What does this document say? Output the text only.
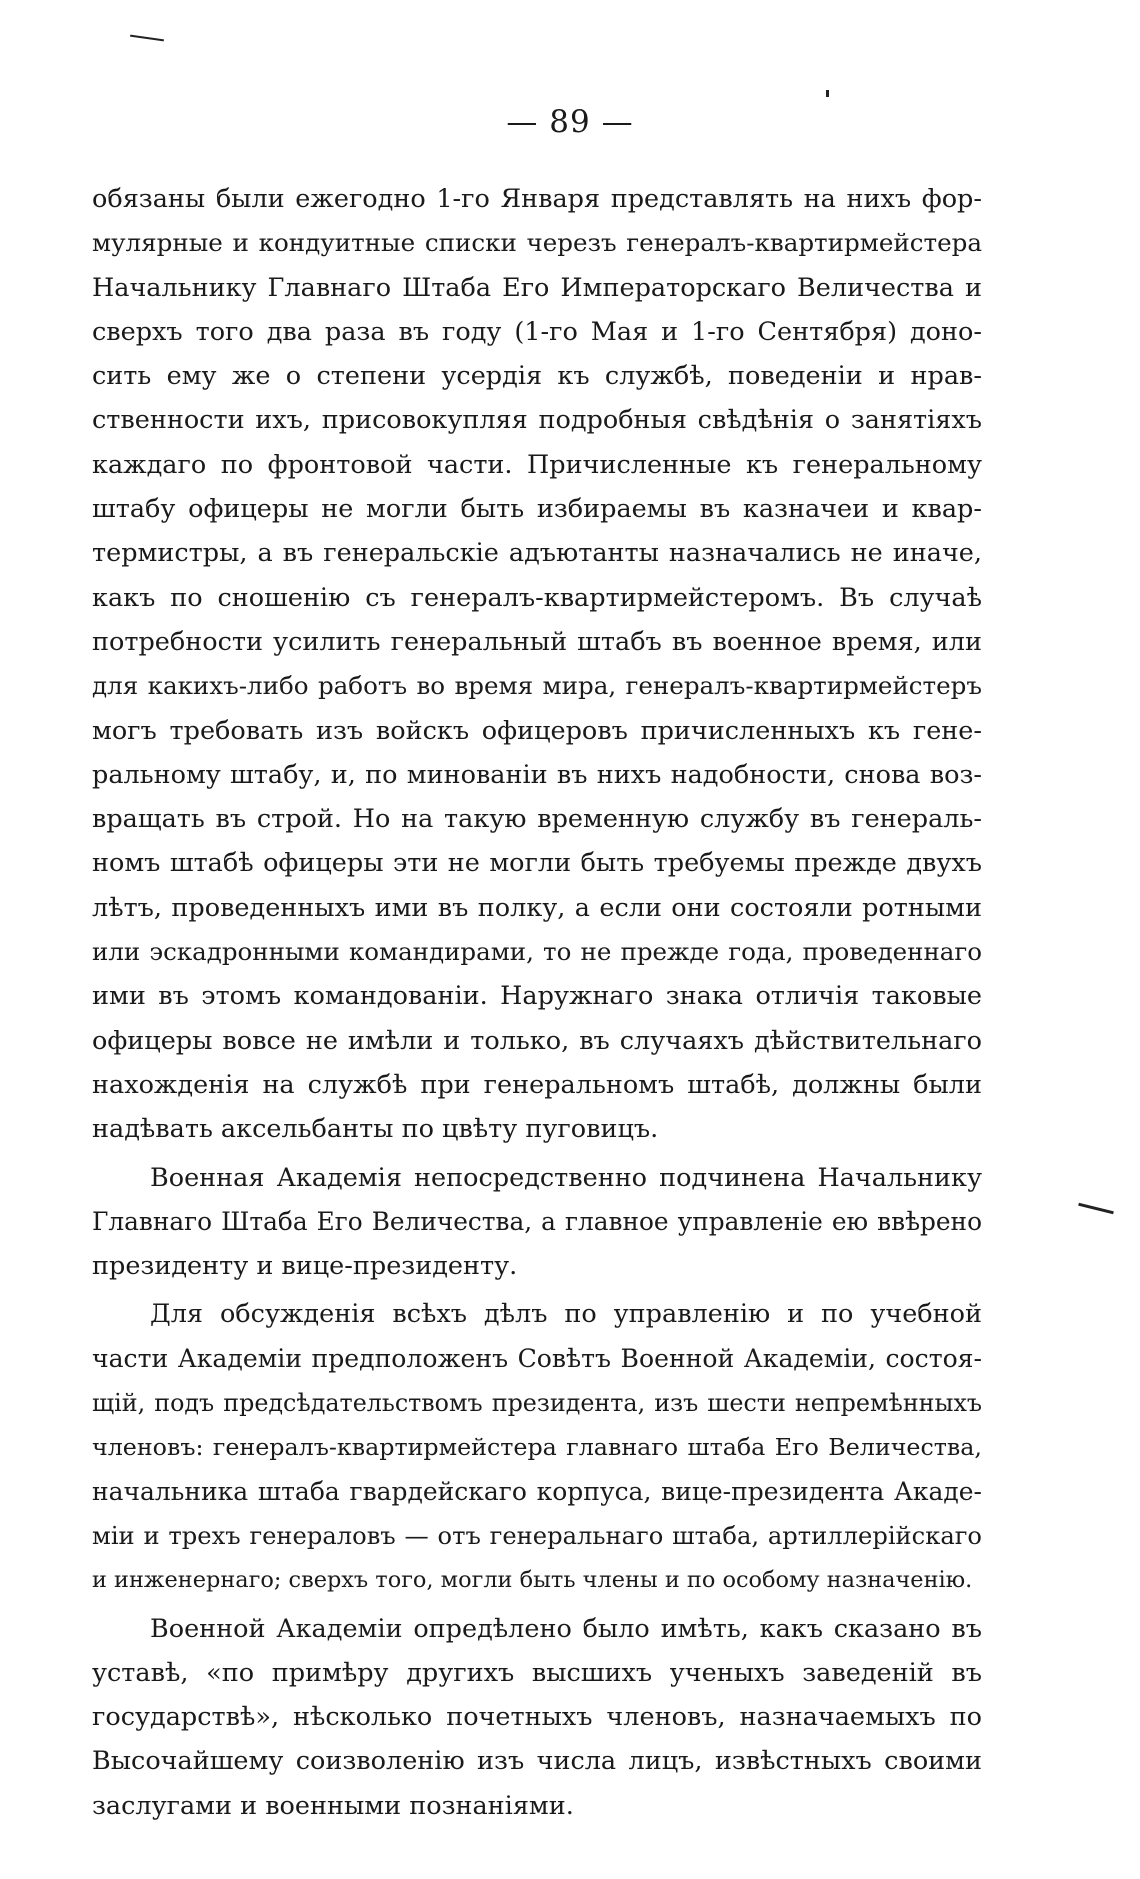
— 89 —
обязаны были ежегодно 1-го Января представлять на нихъ фор-
мулярные и кондуитные списки черезъ генералъ-квартирмейстера
Начальнику Главнаго Штаба Его Императорскаго Величества и
сверхъ того два раза въ году (1-го Мая и 1-го Сентября) доно-
сить ему же о степени усердія къ службѣ, поведеніи и нрав-
ственности ихъ, присовокупляя подробныя свѣдѣнія о занятіяхъ
каждаго по фронтовой части. Причисленные къ генеральному
штабу офицеры не могли быть избираемы въ казначеи и квар-
термистры, а въ генеральскіе адъютанты назначались не иначе,
какъ по сношенію съ генералъ-квартирмейстеромъ. Въ случаѣ
потребности усилить генеральный штабъ въ военное время, или
для какихъ-либо работъ во время мира, генералъ-квартирмейстеръ
могъ требовать изъ войскъ офицеровъ причисленныхъ къ гене-
ральному штабу, и, по минованіи въ нихъ надобности, снова воз-
вращать въ строй. Но на такую временную службу въ генераль-
номъ штабѣ офицеры эти не могли быть требуемы прежде двухъ
лѣтъ, проведенныхъ ими въ полку, а если они состояли ротными
или эскадронными командирами, то не прежде года, проведеннаго
ими въ этомъ командованіи. Наружнаго знака отличія таковые
офицеры вовсе не имѣли и только, въ случаяхъ дѣйствительнаго
нахожденія на службѣ при генеральномъ штабѣ, должны были
надѣвать аксельбанты по цвѣту пуговицъ.
Военная Академія непосредственно подчинена Начальнику
Главнаго Штаба Его Величества, а главное управленіе ею ввѣрено
президенту и вице-президенту.
Для обсужденія всѣхъ дѣлъ по управленію и по учебной
части Академіи предположенъ Совѣтъ Военной Академіи, состоя-
щій, подъ предсѣдательствомъ президента, изъ шести непремѣнныхъ
членовъ: генералъ-квартирмейстера главнаго штаба Его Величества,
начальника штаба гвардейскаго корпуса, вице-президента Акаде-
міи и трехъ генераловъ — отъ генеральнаго штаба, артиллерійскаго
и инженернаго; сверхъ того, могли быть члены и по особому назначенію.
Военной Академіи опредѣлено было имѣть, какъ сказано въ
уставѣ, «по примѣру другихъ высшихъ ученыхъ заведеній въ
государствѣ», нѣсколько почетныхъ членовъ, назначаемыхъ по
Высочайшему соизволенію изъ числа лицъ, извѣстныхъ своими
заслугами и военными познаніями.
